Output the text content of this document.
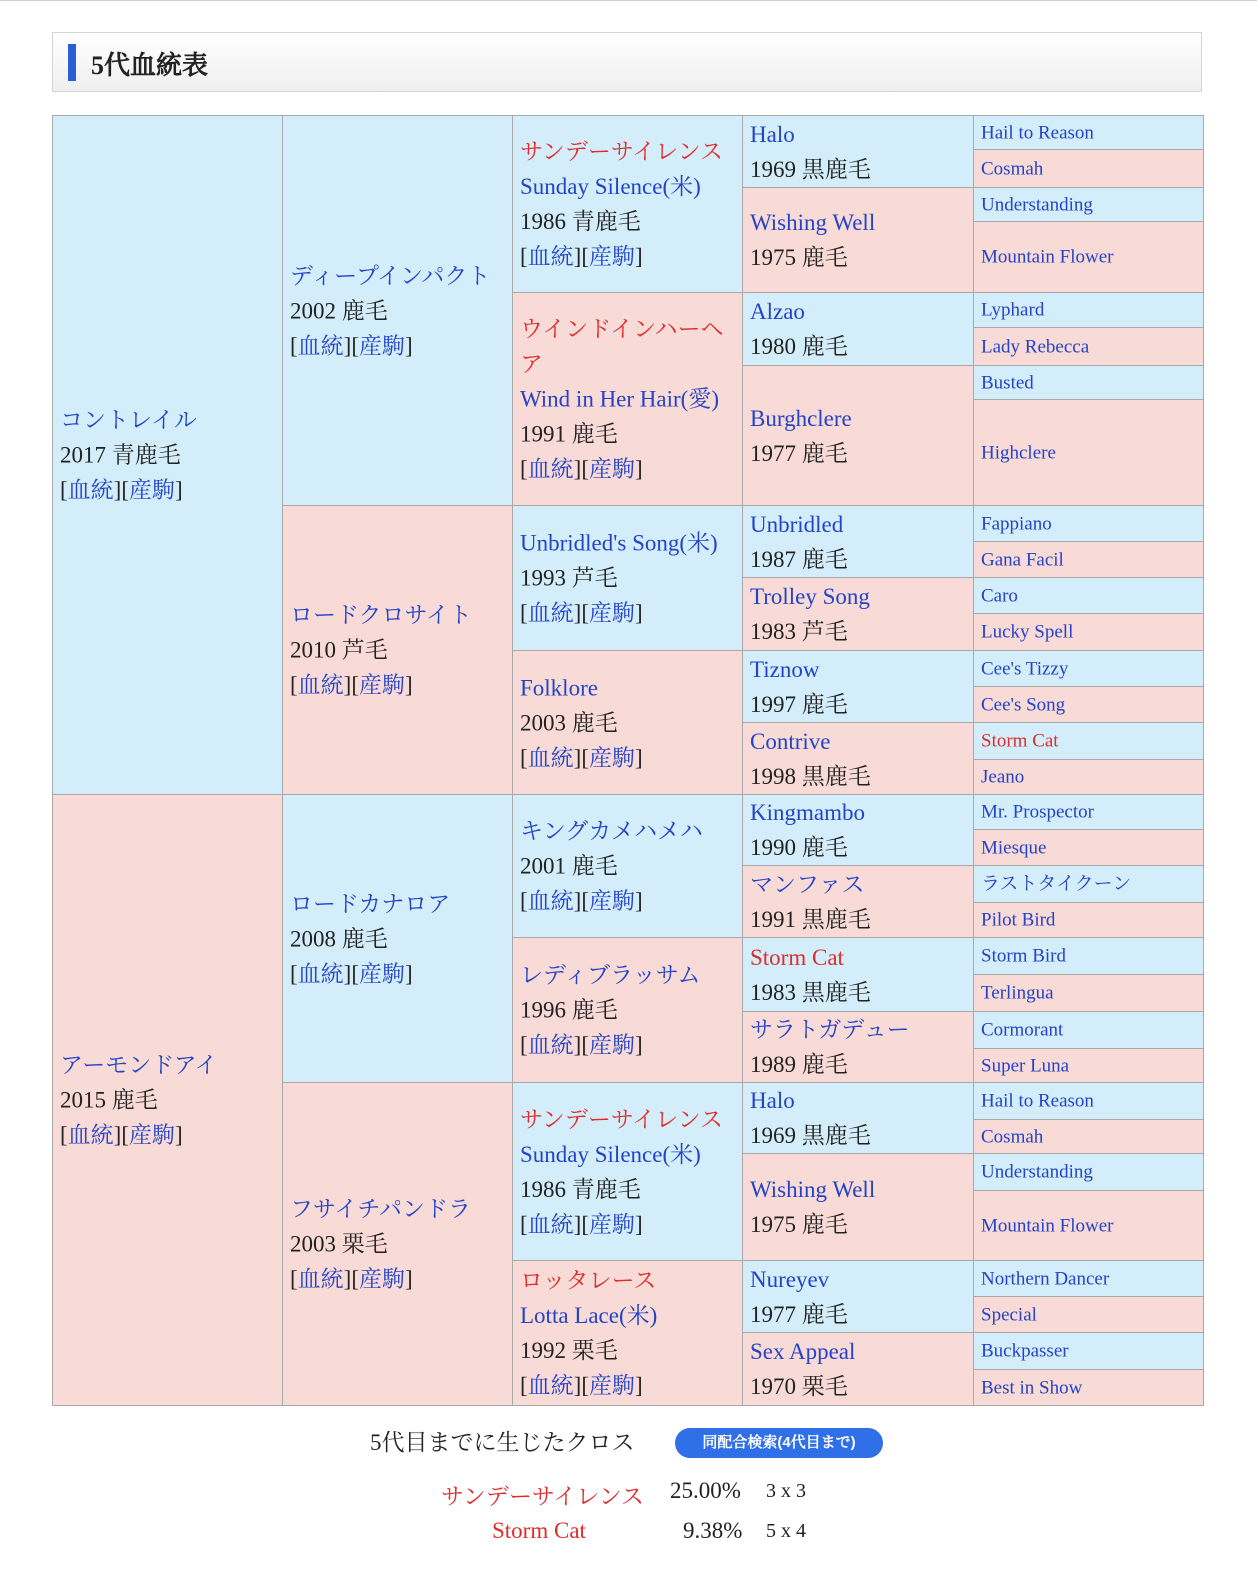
5代血統表
コントレイル
2017 青鹿毛
[血統][産駒]
アーモンドアイ
2015 鹿毛
[血統][産駒]
ディープインパクト
2002 鹿毛
[血統][産駒]
ロードクロサイト
2010 芦毛
[血統][産駒]
ロードカナロア
2008 鹿毛
[血統][産駒]
フサイチパンドラ
2003 栗毛
[血統][産駒]
サンデーサイレンス
Sunday Silence(米)
1986 青鹿毛
[血統][産駒]
ウインドインハーヘア
Wind in Her Hair(愛)
1991 鹿毛
[血統][産駒]
Unbridled's Song(米)
1993 芦毛
[血統][産駒]
Folklore
2003 鹿毛
[血統][産駒]
キングカメハメハ
2001 鹿毛
[血統][産駒]
レディブラッサム
1996 鹿毛
[血統][産駒]
サンデーサイレンス
Sunday Silence(米)
1986 青鹿毛
[血統][産駒]
ロッタレース
Lotta Lace(米)
1992 栗毛
[血統][産駒]
Halo
1969 黒鹿毛
Wishing Well
1975 鹿毛
Alzao
1980 鹿毛
Burghclere
1977 鹿毛
Unbridled
1987 鹿毛
Trolley Song
1983 芦毛
Tiznow
1997 鹿毛
Contrive
1998 黒鹿毛
Kingmambo
1990 鹿毛
マンファス
1991 黒鹿毛
Storm Cat
1983 黒鹿毛
サラトガデュー
1989 鹿毛
Halo
1969 黒鹿毛
Wishing Well
1975 鹿毛
Nureyev
1977 鹿毛
Sex Appeal
1970 栗毛
Hail to Reason
Cosmah
Understanding
Mountain Flower
Lyphard
Lady Rebecca
Busted
Highclere
Fappiano
Gana Facil
Caro
Lucky Spell
Cee's Tizzy
Cee's Song
Storm Cat
Jeano
Mr. Prospector
Miesque
ラストタイクーン
Pilot Bird
Storm Bird
Terlingua
Cormorant
Super Luna
Hail to Reason
Cosmah
Understanding
Mountain Flower
Northern Dancer
Special
Buckpasser
Best in Show
5代目までに生じたクロス	同配合検索(4代目まで)
サンデーサイレンス 25.00% 3 x 3
Storm Cat	9.38% 5 x 4
